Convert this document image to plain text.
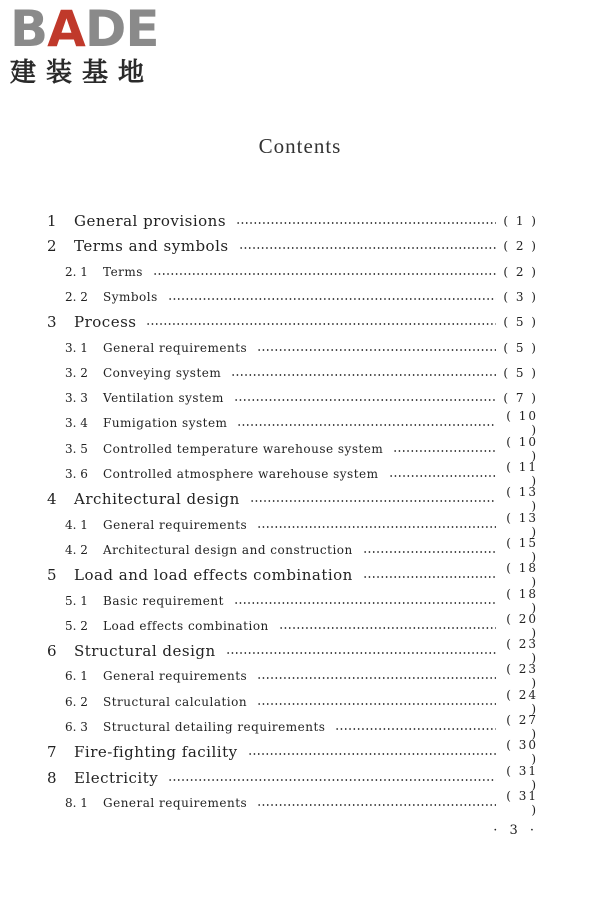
BADE
建装基地
Contents
1 General provisions	( 1 )
2 Terms and symbols	( 2 )
2. 1 Terms	( 2 )
2. 2 Symbols	( 3 )
3 Process	( 5 )
3. 1 General requirements	( 5 )
3. 2 Conveying system	( 5 )
3. 3 Ventilation system	( 7 )
3. 4 Fumigation system	( 10 )
3. 5 Controlled temperature warehouse system	( 10 )
3. 6 Controlled atmosphere warehouse system	( 11 )
4 Architectural design	( 13 )
4. 1 General requirements	( 13 )
4. 2 Architectural design and construction	( 15 )
5 Load and load effects combination	( 18 )
5. 1 Basic requirement	( 18 )
5. 2 Load effects combination	( 20 )
6 Structural design	( 23 )
6. 1 General requirements	( 23 )
6. 2 Structural calculation	( 24 )
6. 3 Structural detailing requirements	( 27 )
7 Fire-fighting facility	( 30 )
8 Electricity	( 31 )
8. 1 General requirements	( 31 )
· 3 ·
